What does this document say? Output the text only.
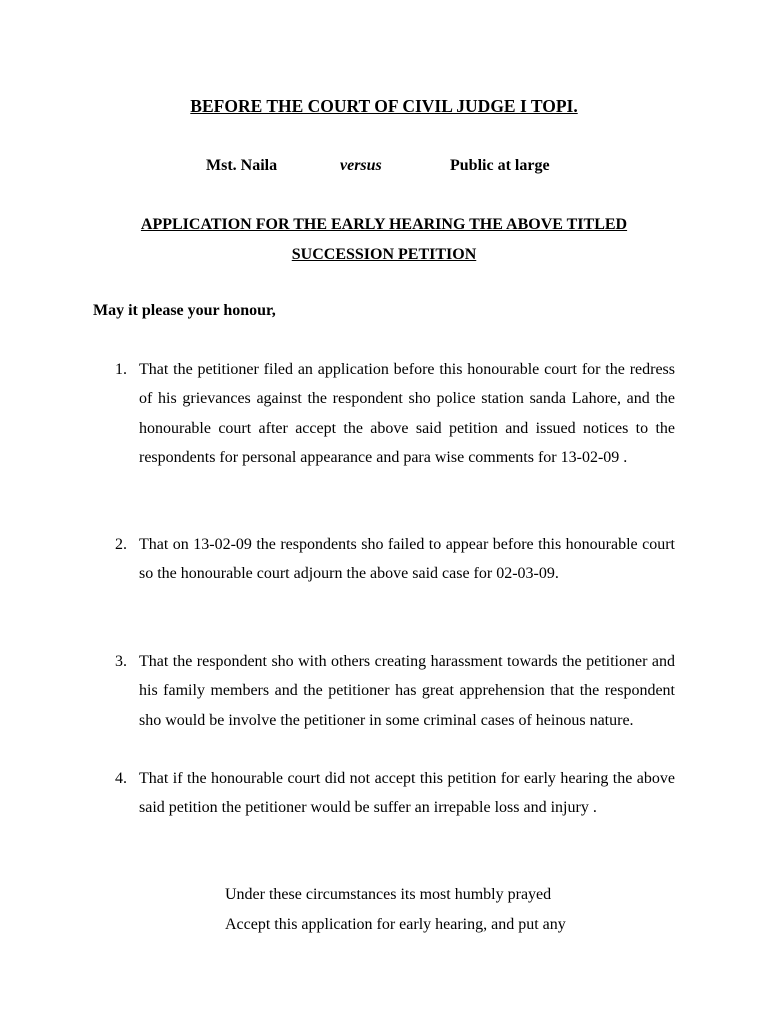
BEFORE THE COURT OF CIVIL JUDGE I TOPI.
Mst. Naila	versus	Public at large
APPLICATION FOR THE EARLY HEARING THE ABOVE TITLED
SUCCESSION PETITION
May it please your honour,
1. That the petitioner filed an application before this honourable court for the redress of his grievances against the respondent sho police station sanda Lahore, and the honourable court after accept the above said petition and issued notices to the respondents for personal appearance and para wise comments for 13-02-09 .
2. That on 13-02-09 the respondents sho failed to appear before this honourable court so the honourable court adjourn the above said case for 02-03-09.
3. That the respondent sho with others creating harassment towards the petitioner and his family members and the petitioner has great apprehension that the respondent sho would be involve the petitioner in some criminal cases of heinous nature.
4. That if the honourable court did not accept this petition for early hearing the above said petition the petitioner would be suffer an irrepable loss and injury .
Under these circumstances its most humbly prayed
Accept this application for early hearing, and put any
